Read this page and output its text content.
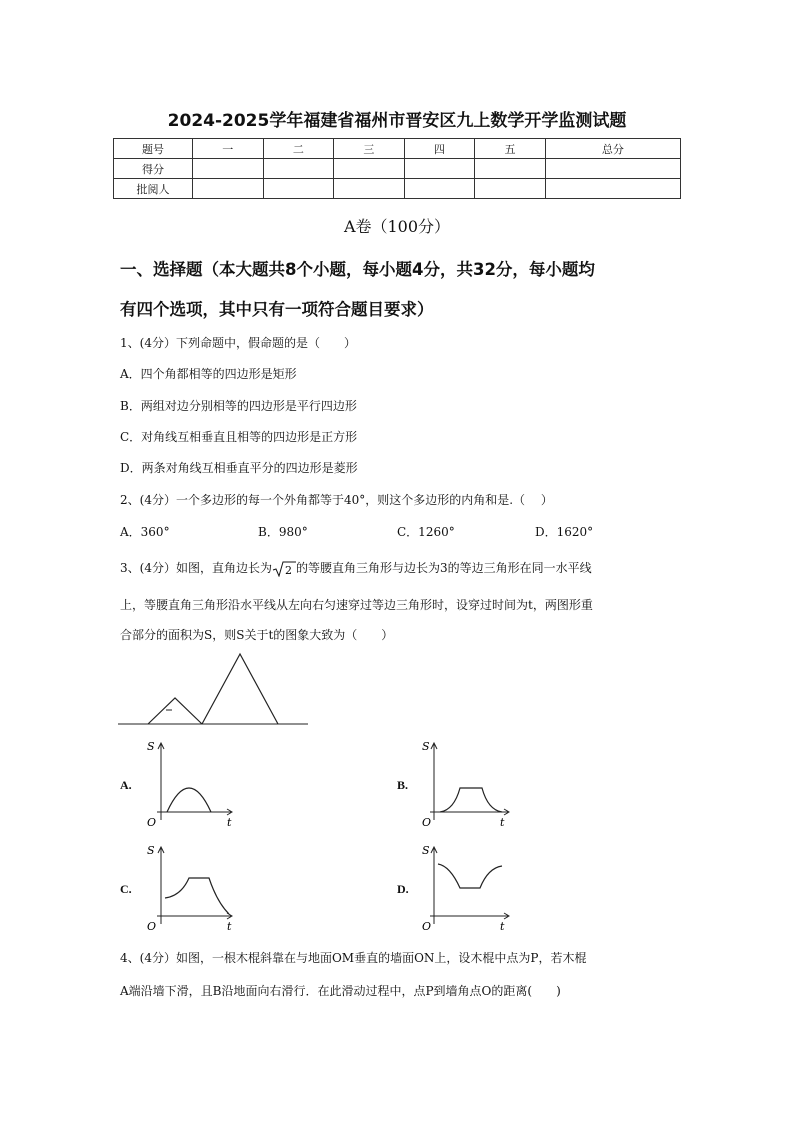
2024-2025学年福建省福州市晋安区九上数学开学监测试题
题号	一	二	三	四	五	总分
得分						
批阅人						
A卷（100分）
一、选择题（本大题共8个小题，每小题4分，共32分，每小题均
有四个选项，其中只有一项符合题目要求）
1、(4分）下列命题中，假命题的是（　　）
A．四个角都相等的四边形是矩形
B．两组对边分别相等的四边形是平行四边形
C．对角线互相垂直且相等的四边形是正方形
D．两条对角线互相垂直平分的四边形是菱形
2、(4分）一个多边形的每一个外角都等于40°，则这个多边形的内角和是.（　 ）
A．360°	B．980°	C．1260°	D．1620°
3、(4分）如图，直角边长为 2 的等腰直角三角形与边长为3的等边三角形在同一水平线
上，等腰直角三角形沿水平线从左向右匀速穿过等边三角形时，设穿过时间为t，两图形重
合部分的面积为S，则S关于t的图象大致为（　　）
A.	B.
C.	D.
S
O	t
S
O	t
S
O	t
S
O	t
4、(4分）如图，一根木棍斜靠在与地面OM垂直的墙面ON上，设木棍中点为P，若木棍
A端沿墙下滑，且B沿地面向右滑行．在此滑动过程中，点P到墙角点O的距离(　　)
